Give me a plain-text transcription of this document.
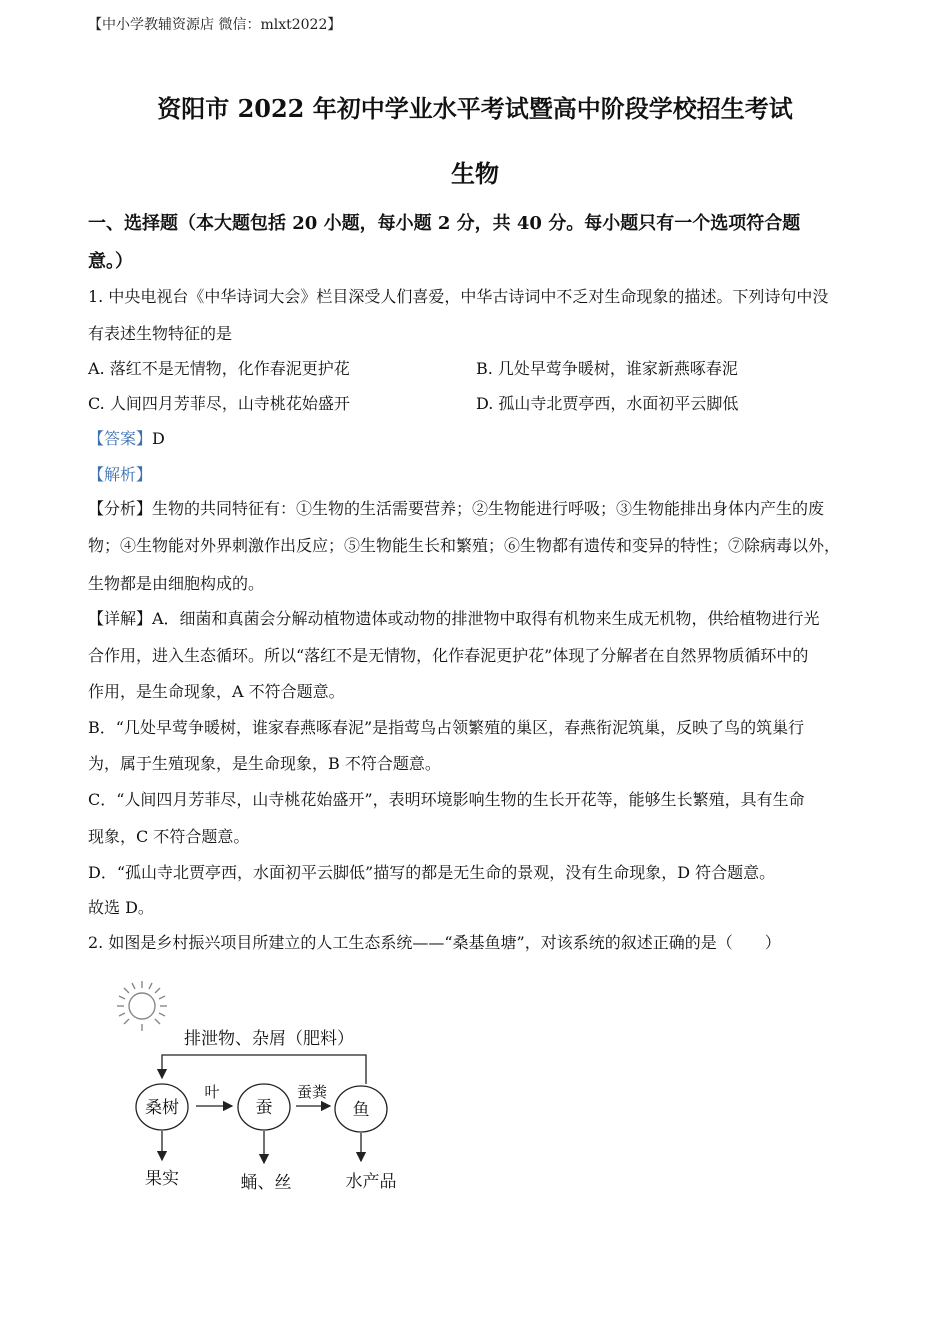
【中小学教辅资源店 微信：mlxt2022】
资阳市 2022 年初中学业水平考试暨高中阶段学校招生考试
生物
一、选择题（本大题包括 20 小题，每小题 2 分，共 40 分。每小题只有一个选项符合题
意。）
1. 中央电视台《中华诗词大会》栏目深受人们喜爱，中华古诗词中不乏对生命现象的描述。下列诗句中没
有表述生物特征的是
A. 落红不是无情物，化作春泥更护花	B. 几处早莺争暖树，谁家新燕啄春泥
C. 人间四月芳菲尽，山寺桃花始盛开	D. 孤山寺北贾亭西，水面初平云脚低
【答案】D
【解析】
【分析】生物的共同特征有：①生物的生活需要营养；②生物能进行呼吸；③生物能排出身体内产生的废
物；④生物能对外界刺激作出反应；⑤生物能生长和繁殖；⑥生物都有遗传和变异的特性；⑦除病毒以外，
生物都是由细胞构成的。
【详解】A．细菌和真菌会分解动植物遗体或动物的排泄物中取得有机物来生成无机物，供给植物进行光
合作用，进入生态循环。所以“落红不是无情物，化作春泥更护花”体现了分解者在自然界物质循环中的
作用，是生命现象，A 不符合题意。
B．“几处早莺争暖树，谁家春燕啄春泥”是指莺鸟占领繁殖的巢区，春燕衔泥筑巢，反映了鸟的筑巢行
为，属于生殖现象，是生命现象，B 不符合题意。
C．“人间四月芳菲尽，山寺桃花始盛开”，表明环境影响生物的生长开花等，能够生长繁殖，具有生命
现象，C 不符合题意。
D．“孤山寺北贾亭西，水面初平云脚低”描写的都是无生命的景观，没有生命现象，D 符合题意。
故选 D。
2. 如图是乡村振兴项目所建立的人工生态系统——“桑基鱼塘”，对该系统的叙述正确的是（　　）
排泄物、杂屑（肥料）
桑树	蚕	鱼
叶	蚕粪
果实	蛹、丝	水产品
